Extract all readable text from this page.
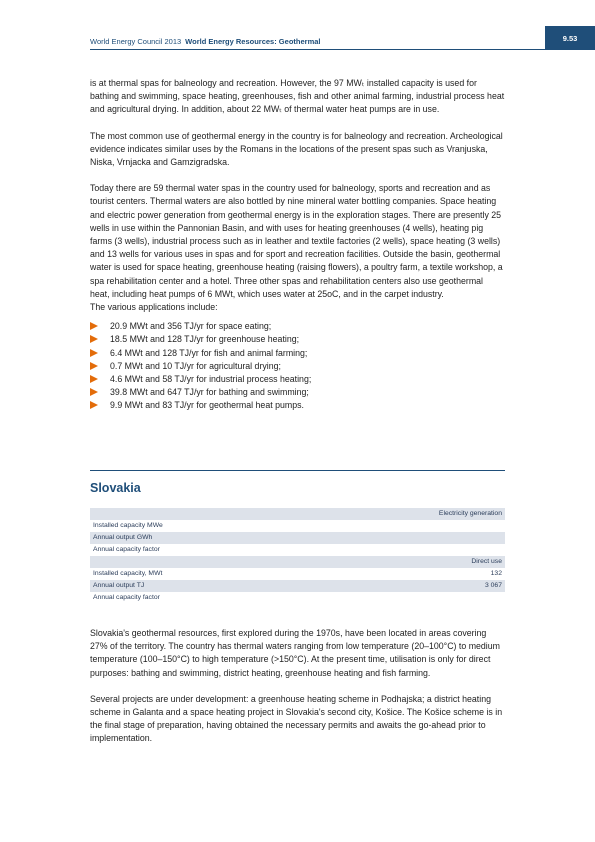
World Energy Council 2013 World Energy Resources: Geothermal	9.53

is at thermal spas for balneology and recreation. However, the 97 MWₜ installed capacity is used for bathing and swimming, space heating, greenhouses, fish and other animal farming, industrial process heat and agricultural drying. In addition, about 22 MWₜ of thermal water heat pumps are in use.

The most common use of geothermal energy in the country is for balneology and recreation. Archeological evidence indicates similar uses by the Romans in the locations of the present spas such as Vranjuska, Niska, Vrnjacka and Gamzigradska.

Today there are 59 thermal water spas in the country used for balneology, sports and recreation and as tourist centers. Thermal waters are also bottled by nine mineral water bottling companies. Space heating and electric power generation from geothermal energy is in the exploration stages. There are presently 25 wells in use within the Pannonian Basin, and with uses for heating greenhouses (4 wells), heating pig farms (3 wells), industrial process such as in leather and textile factories (2 wells), space heating (3 wells) and 13 wells for various uses in spas and for sport and recreation facilities. Outside the basin, geothermal water is used for space heating, greenhouse heating (raising flowers), a poultry farm, a textile workshop, a spa rehabilitation center and a hotel. Three other spas and rehabilitation centers also use geothermal heat, including heat pumps of 6 MWt, which uses water at 25oC, and in the carpet industry.

The various applications include:

20.9 MWt and 356 TJ/yr for space eating;
18.5 MWt and 128 TJ/yr for greenhouse heating;
6.4 MWt and 128 TJ/yr for fish and animal farming;
0.7 MWt and 10 TJ/yr for agricultural drying;
4.6 MWt and 58 TJ/yr for industrial process heating;
39.8 MWt and 647 TJ/yr for bathing and swimming;
9.9 MWt and 83 TJ/yr for geothermal heat pumps.
Slovakia
Electricity generation
Installed capacity MWe
Annual output GWh
Annual capacity factor
Direct use
Installed capacity, MWt	132
Annual output TJ	3 067
Annual capacity factor

Slovakia's geothermal resources, first explored during the 1970s, have been located in areas covering 27% of the territory. The country has thermal waters ranging from low temperature (20–100°C) to medium temperature (100–150°C) to high temperature (>150°C). At the present time, utilisation is only for direct purposes: bathing and swimming, district heating, greenhouse heating and fish farming.

Several projects are under development: a greenhouse heating scheme in Podhajska; a district heating scheme in Galanta and a space heating project in Slovakia's second city, Košice. The Košice scheme is in the final stage of preparation, having obtained the necessary permits and awaits the go-ahead prior to implementation.
